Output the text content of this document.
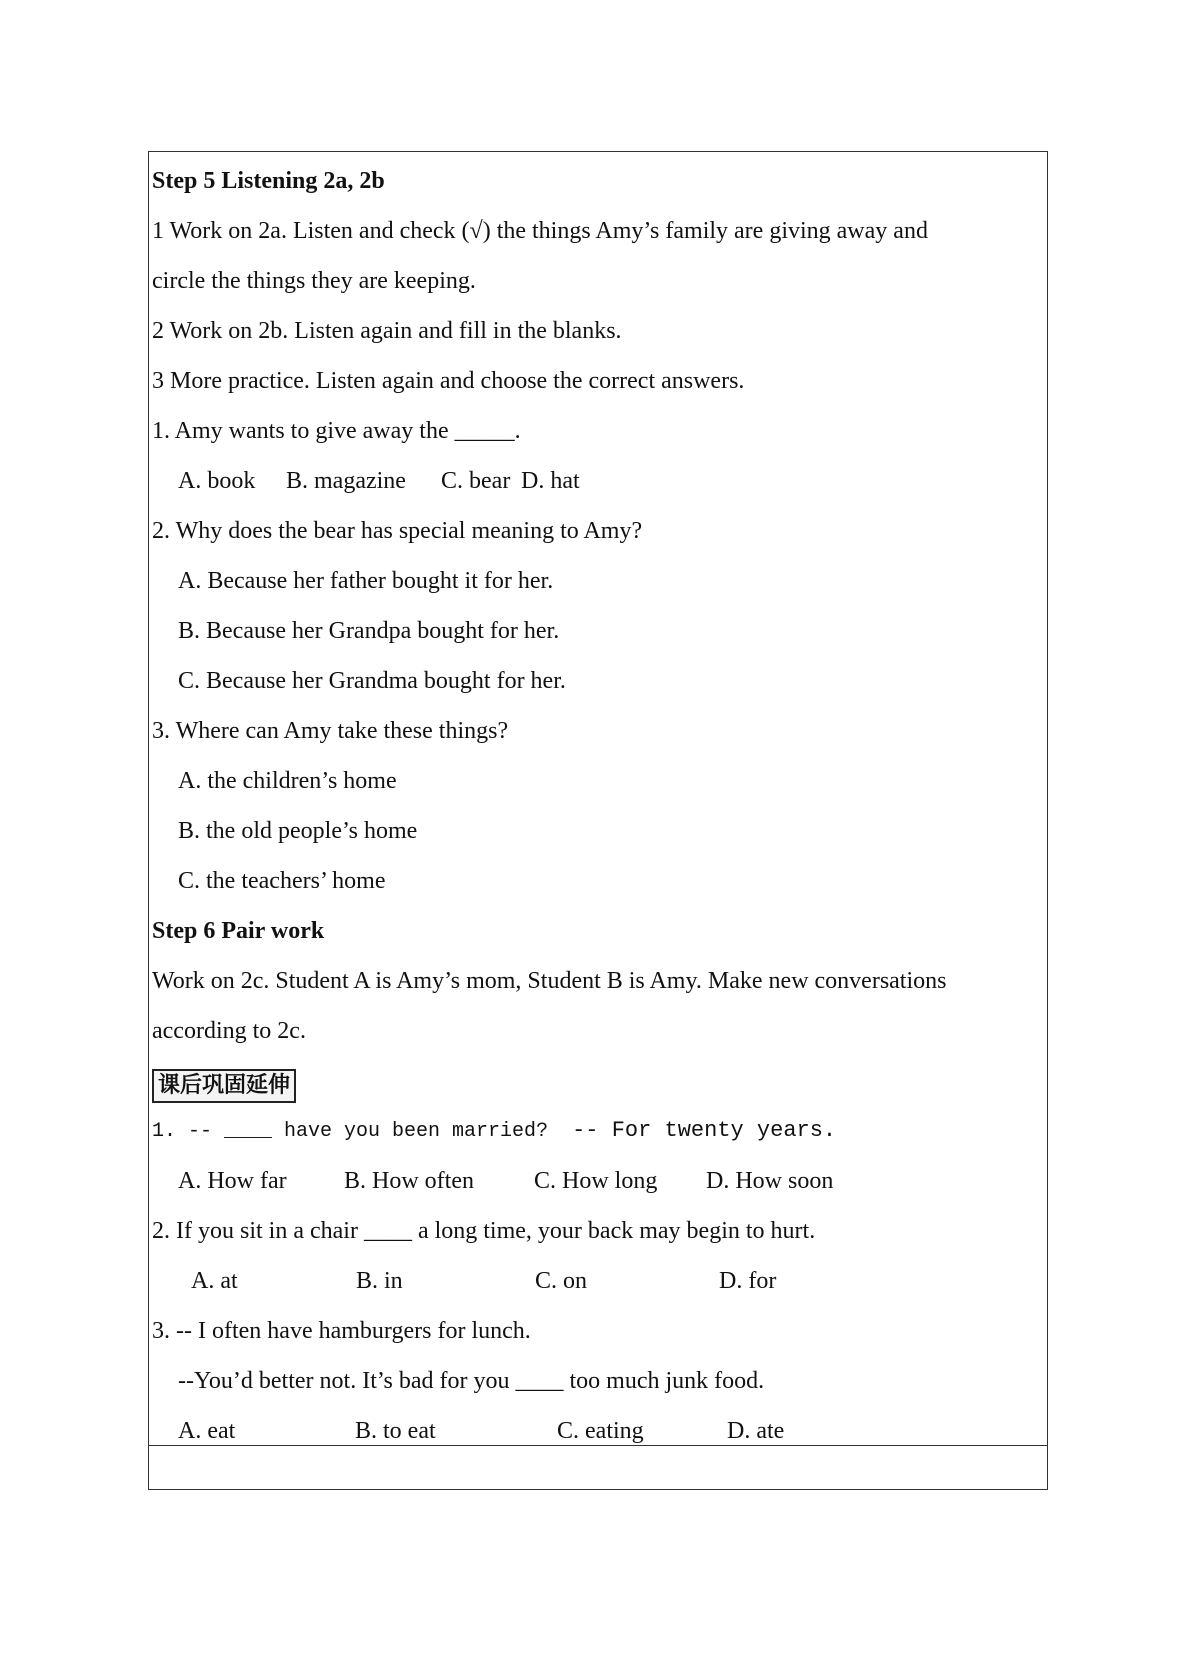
Step 5 Listening 2a, 2b
1 Work on 2a. Listen and check (√) the things Amy’s family are giving away and
circle the things they are keeping.
2 Work on 2b. Listen again and fill in the blanks.
3 More practice. Listen again and choose the correct answers.
1. Amy wants to give away the _____.
A. book B. magazine C. bear D. hat
2. Why does the bear has special meaning to Amy?
A. Because her father bought it for her.
B. Because her Grandpa bought for her.
C. Because her Grandma bought for her.
3. Where can Amy take these things?
A. the children’s home
B. the old people’s home
C. the teachers’ home
Step 6 Pair work
Work on 2c. Student A is Amy’s mom, Student B is Amy. Make new conversations
according to 2c.
课后巩固延伸
1. -- ____ have you been married? -- For twenty years.
A. How far B. How often	C. How long D. How soon
2. If you sit in a chair ____ a long time, your back may begin to hurt.
A. at	B. in	C. on	D. for
3. -- I often have hamburgers for lunch.
--You’d better not. It’s bad for you ____ too much junk food.
A. eat	B. to eat	C. eating	D. ate
